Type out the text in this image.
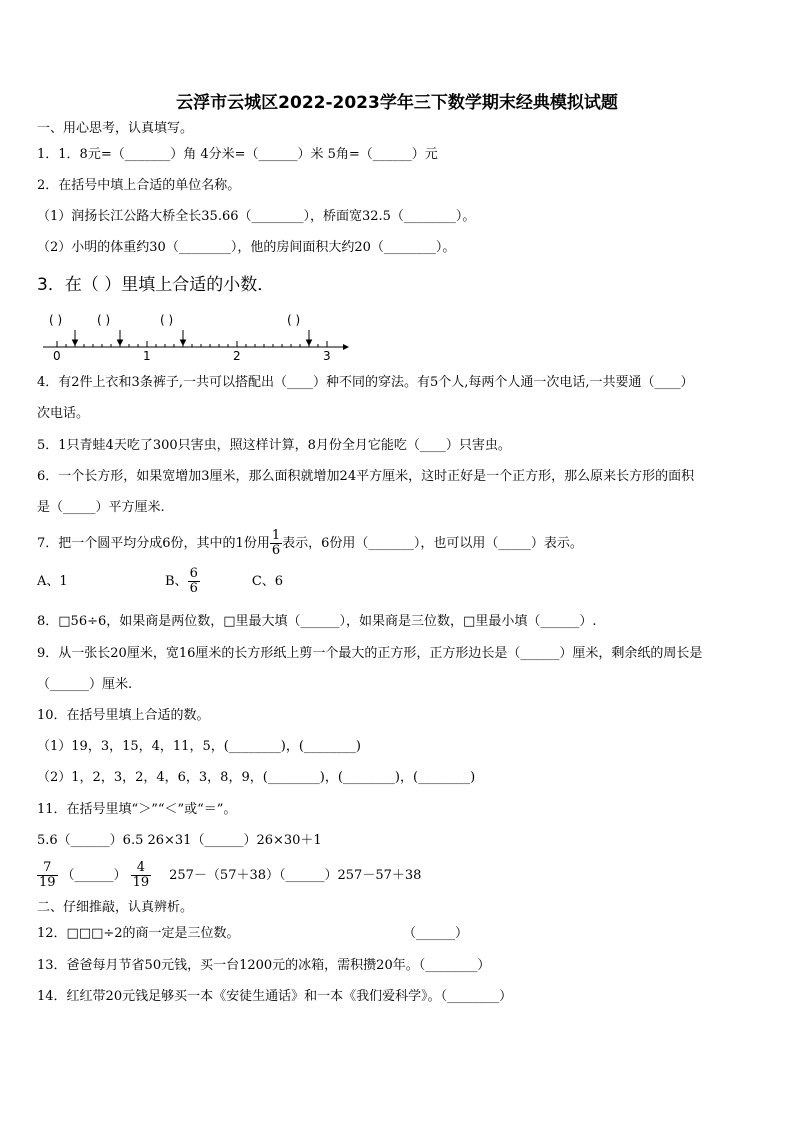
云浮市云城区2022-2023学年三下数学期末经典模拟试题
一、用心思考，认真填写。
1．1．8元=（_______）角 4分米=（______）米 5角=（______）元
2．在括号中填上合适的单位名称。
（1）润扬长江公路大桥全长35.66（________），桥面宽32.5（________）。
（2）小明的体重约30（________），他的房间面积大约20（________）。
3．在（ ）里填上合适的小数．
( )	( )	( )	( )
0	1	2	3
4．有2件上衣和3条裤子,一共可以搭配出（____）种不同的穿法。有5个人,每两个人通一次电话,一共要通（____）
次电话。
5．1只青蛙4天吃了300只害虫，照这样计算，8月份全月它能吃（____）只害虫。
6．一个长方形，如果宽增加3厘米，那么面积就增加24平方厘米，这时正好是一个正方形，那么原来长方形的面积
是（_____）平方厘米.
7．把一个圆平均分成6份，其中的1份用 $\frac{1}{6}$ 表示，6份用（_______），也可以用（_____）表示。
A、1	B、 $\frac{6}{6}$	C、6
8．□56÷6，如果商是两位数，□里最大填（______），如果商是三位数，□里最小填（______）.
9．从一张长20厘米，宽16厘米的长方形纸上剪一个最大的正方形，正方形边长是（______）厘米，剩余纸的周长是
（______）厘米.
10．在括号里填上合适的数。
（1）19，3，15，4，11，5，(________)，(________)
（2）1，2，3，2，4，6，3，8，9，(________)，(________)，(________)
11．在括号里填“＞”“＜”或“＝”。
5.6（______）6.5 26×31（______）26×30＋1
$\frac{7}{19}$ （______） $\frac{4}{19}$ 257－（57＋38）（______）257－57＋38
二、仔细推敲，认真辨析。
12．□□□÷2的商一定是三位数。	（______）
13．爸爸每月节省50元钱，买一台1200元的冰箱，需积攒20年。（________）
14．红红带20元钱足够买一本《安徒生通话》和一本《我们爱科学》。（________）
